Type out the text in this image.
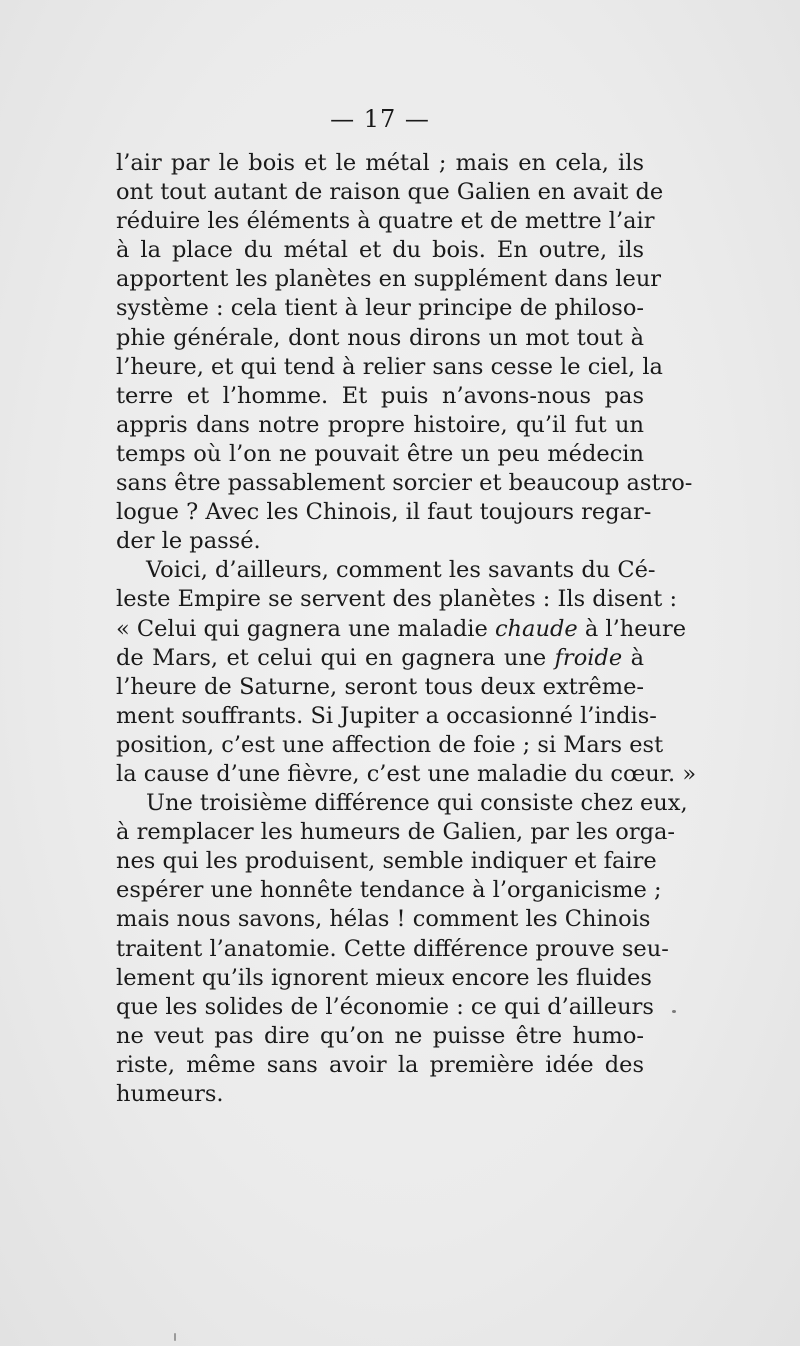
— 17 —
l’air par le bois et le métal ; mais en cela, ils
ont tout autant de raison que Galien en avait de
réduire les éléments à quatre et de mettre l’air
à la place du métal et du bois. En outre, ils
apportent les planètes en supplément dans leur
système : cela tient à leur principe de philoso-
phie générale, dont nous dirons un mot tout à
l’heure, et qui tend à relier sans cesse le ciel, la
terre et l’homme. Et puis n’avons-nous pas
appris dans notre propre histoire, qu’il fut un
temps où l’on ne pouvait être un peu médecin
sans être passablement sorcier et beaucoup astro-
logue ? Avec les Chinois, il faut toujours regar-
der le passé.
Voici, d’ailleurs, comment les savants du Cé-
leste Empire se servent des planètes : Ils disent :
« Celui qui gagnera une maladie chaude à l’heure
de Mars, et celui qui en gagnera une froide à
l’heure de Saturne, seront tous deux extrême-
ment souffrants. Si Jupiter a occasionné l’indis-
position, c’est une affection de foie ; si Mars est
la cause d’une fièvre, c’est une maladie du cœur. »
Une troisième différence qui consiste chez eux,
à remplacer les humeurs de Galien, par les orga-
nes qui les produisent, semble indiquer et faire
espérer une honnête tendance à l’organicisme ;
mais nous savons, hélas ! comment les Chinois
traitent l’anatomie. Cette différence prouve seu-
lement qu’ils ignorent mieux encore les fluides
que les solides de l’économie : ce qui d’ailleurs
ne veut pas dire qu’on ne puisse être humo-
riste, même sans avoir la première idée des
humeurs.
